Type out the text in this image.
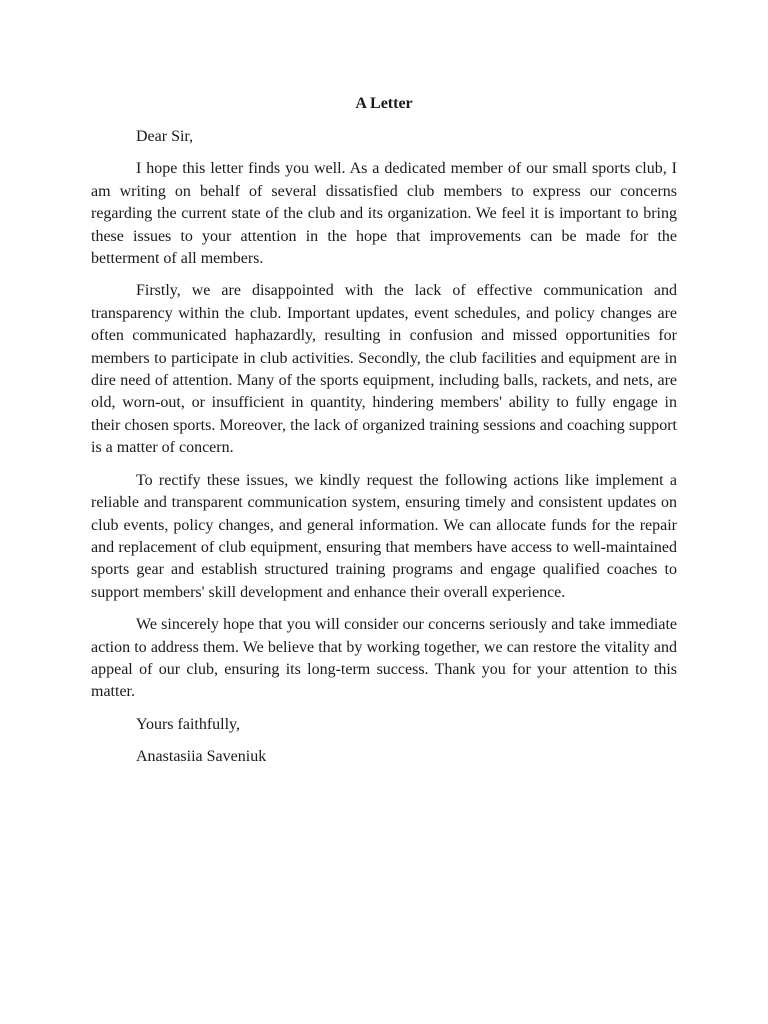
A Letter

Dear Sir,

I hope this letter finds you well. As a dedicated member of our small sports club, I am writing on behalf of several dissatisfied club members to express our concerns regarding the current state of the club and its organization. We feel it is important to bring these issues to your attention in the hope that improvements can be made for the betterment of all members.

Firstly, we are disappointed with the lack of effective communication and transparency within the club. Important updates, event schedules, and policy changes are often communicated haphazardly, resulting in confusion and missed opportunities for members to participate in club activities. Secondly, the club facilities and equipment are in dire need of attention. Many of the sports equipment, including balls, rackets, and nets, are old, worn-out, or insufficient in quantity, hindering members' ability to fully engage in their chosen sports. Moreover, the lack of organized training sessions and coaching support is a matter of concern.

To rectify these issues, we kindly request the following actions like implement a reliable and transparent communication system, ensuring timely and consistent updates on club events, policy changes, and general information. We can allocate funds for the repair and replacement of club equipment, ensuring that members have access to well-maintained sports gear and establish structured training programs and engage qualified coaches to support members' skill development and enhance their overall experience.

We sincerely hope that you will consider our concerns seriously and take immediate action to address them. We believe that by working together, we can restore the vitality and appeal of our club, ensuring its long-term success. Thank you for your attention to this matter.

Yours faithfully,

Anastasiia Saveniuk
